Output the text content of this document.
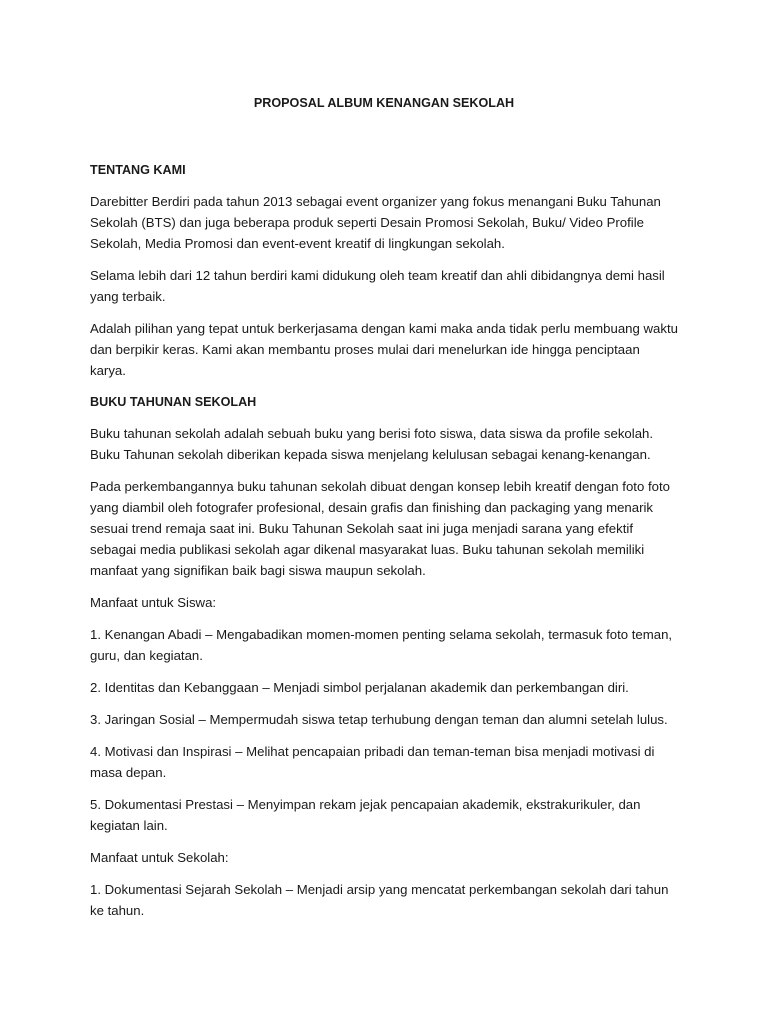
PROPOSAL ALBUM KENANGAN SEKOLAH
TENTANG KAMI

Darebitter Berdiri pada tahun 2013 sebagai event organizer yang fokus menangani Buku Tahunan Sekolah (BTS) dan juga beberapa produk seperti Desain Promosi Sekolah, Buku/ Video Profile Sekolah, Media Promosi dan event-event kreatif di lingkungan sekolah.

Selama lebih dari 12 tahun berdiri kami didukung oleh team kreatif dan ahli dibidangnya demi hasil yang terbaik.

Adalah pilihan yang tepat untuk berkerjasama dengan kami maka anda tidak perlu membuang waktu dan berpikir keras. Kami akan membantu proses mulai dari menelurkan ide hingga penciptaan karya.

BUKU TAHUNAN SEKOLAH

Buku tahunan sekolah adalah sebuah buku yang berisi foto siswa, data siswa da profile sekolah. Buku Tahunan sekolah diberikan kepada siswa menjelang kelulusan sebagai kenang-kenangan.

Pada perkembangannya buku tahunan sekolah dibuat dengan konsep lebih kreatif dengan foto foto yang diambil oleh fotografer profesional, desain grafis dan finishing dan packaging yang menarik sesuai trend remaja saat ini. Buku Tahunan Sekolah saat ini juga menjadi sarana yang efektif sebagai media publikasi sekolah agar dikenal masyarakat luas. Buku tahunan sekolah memiliki manfaat yang signifikan baik bagi siswa maupun sekolah.

Manfaat untuk Siswa:

1. Kenangan Abadi – Mengabadikan momen-momen penting selama sekolah, termasuk foto teman, guru, dan kegiatan.

2. Identitas dan Kebanggaan – Menjadi simbol perjalanan akademik dan perkembangan diri.

3. Jaringan Sosial – Mempermudah siswa tetap terhubung dengan teman dan alumni setelah lulus.

4. Motivasi dan Inspirasi – Melihat pencapaian pribadi dan teman-teman bisa menjadi motivasi di masa depan.

5. Dokumentasi Prestasi – Menyimpan rekam jejak pencapaian akademik, ekstrakurikuler, dan kegiatan lain.

Manfaat untuk Sekolah:

1. Dokumentasi Sejarah Sekolah – Menjadi arsip yang mencatat perkembangan sekolah dari tahun ke tahun.
